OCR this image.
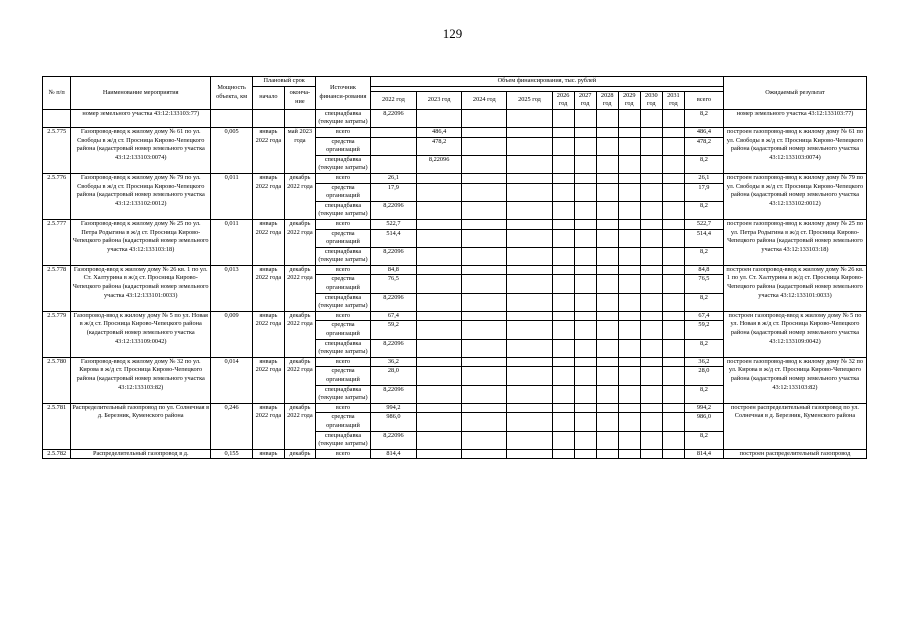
129
№ п/п	Наименование мероприятия	Мощность объекта, км	Плановый срок		Источник финанси-рования	Объем финансирования, тыс. рублей											Ожидаемый результат
			начало	оконча-ние													
						2022 год	2023 год	2024 год	2025 год	2026 год	2027 год	2028 год	2029 год	2030 год	2031 год	всего	
	номер земельного участка 43:12:133103:77)				спецнадбавка (текущие затраты)	8,22096										8,2	номер земельного участка 43:12:133103:77)
2.5.775	Газопровод-ввод к жилому дому № 61 по ул. Свободы в ж/д ст. Просница Кирово-Чепецкого района (кадастровый номер земельного участка 43:12:133103:0074)	0,005	январь 2022 года	май 2023 года	всего		486,4									486,4	построен газопровод-ввод к жилому дому № 61 по ул. Свободы в ж/д ст. Просница Кирово-Чепецкого района (кадастровый номер земельного участка 43:12:133103:0074)
					средства организаций		478,2									478,2	
					спецнадбавка (текущие затраты)		8,22096									8,2	
2.5.776	Газопровод-ввод к жилому дому № 79 по ул. Свободы в ж/д ст. Просница Кирово-Чепецкого района (кадастровый номер земельного участка 43:12:133102:0012)	0,011	январь 2022 года	декабрь 2022 года	всего	26,1										26,1	построен газопровод-ввод к жилому дому № 79 по ул. Свободы в ж/д ст. Просница Кирово-Чепецкого района (кадастровый номер земельного участка 43:12:133102:0012)
					средства организаций	17,9										17,9	
					спецнадбавка (текущие затраты)	8,22096										8,2	
2.5.777	Газопровод-ввод к жилому дому № 25 по ул. Петра Родыгина в ж/д ст. Просница Кирово-Чепецкого района (кадастровый номер земельного участка 43:12:133103:18)	0,011	январь 2022 года	декабрь 2022 года	всего	522,7										522,7	построен газопровод-ввод к жилому дому № 25 по ул. Петра Родыгина в ж/д ст. Просница Кирово-Чепецкого района (кадастровый номер земельного участка 43:12:133103:18)
					средства организаций	514,4										514,4	
					спецнадбавка (текущие затраты)	8,22096										8,2	
2.5.778	Газопровод-ввод к жилому дому № 26 кв. 1 по ул. Ст. Халтурина в ж/д ст. Просница Кирово-Чепецкого района (кадастровый номер земельного участка 43:12:133101:0033)	0,013	январь 2022 года	декабрь 2022 года	всего	84,8										84,8	построен газопровод-ввод к жилому дому № 26 кв. 1 по ул. Ст. Халтурина в ж/д ст. Просница Кирово-Чепецкого района (кадастровый номер земельного участка 43:12:133101:0033)
					средства организаций	76,5										76,5	
					спецнадбавка (текущие затраты)	8,22096										8,2	
2.5.779	Газопровод-ввод к жилому дому № 5 по ул. Новая в ж/д ст. Просница Кирово-Чепецкого района (кадастровый номер земельного участка 43:12:133109:0042)	0,009	январь 2022 года	декабрь 2022 года	всего	67,4										67,4	построен газопровод-ввод к жилому дому № 5 по ул. Новая в ж/д ст. Просница Кирово-Чепецкого района (кадастровый номер земельного участка 43:12:133109:0042)
					средства организаций	59,2										59,2	
					спецнадбавка (текущие затраты)	8,22096										8,2	
2.5.780	Газопровод-ввод к жилому дому № 32 по ул. Кирова в ж/д ст. Просница Кирово-Чепецкого района (кадастровый номер земельного участка 43:12:133103:82)	0,014	январь 2022 года	декабрь 2022 года	всего	36,2										36,2	построен газопровод-ввод к жилому дому № 32 по ул. Кирова в ж/д ст. Просница Кирово-Чепецкого района (кадастровый номер земельного участка 43:12:133103:82)
					средства организаций	28,0										28,0	
					спецнадбавка (текущие затраты)	8,22096										8,2	
2.5.781	Распределительный газопровод по ул. Солнечная в д. Березник, Куменского района	0,246	январь 2022 года	декабрь 2022 года	всего	994,2										994,2	построен распределительный газопровод по ул. Солнечная в д. Березник, Куменского района
					средства организаций	986,0										986,0	
					спецнадбавка (текущие затраты)	8,22096										8,2	
2.5.782	Распределительный газопровод в д.	0,155	январь	декабрь	всего	814,4										814,4	построен распределительный газопровод
